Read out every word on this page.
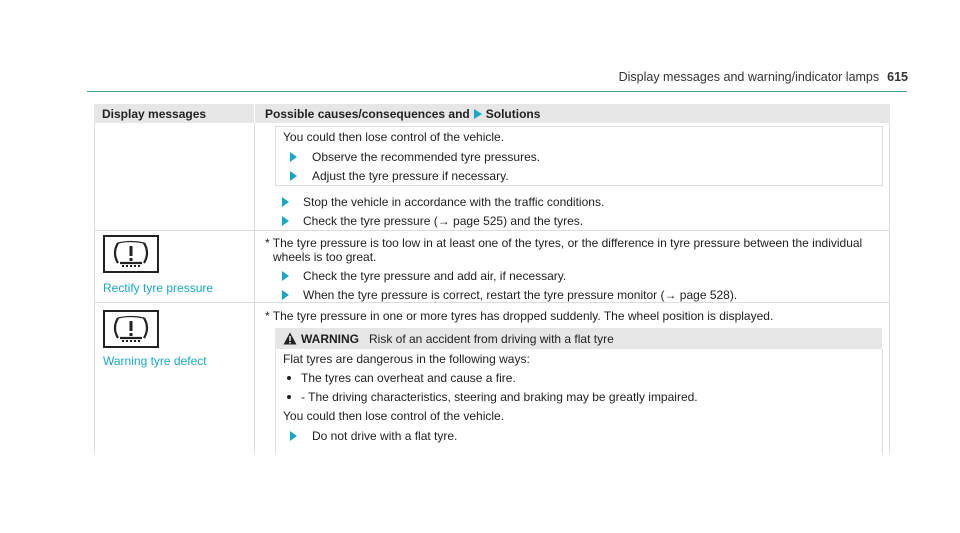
Display messages and warning/indicator lamps 615
Display messages	Possible causes/consequences and Solutions
You could then lose control of the vehicle.
Observe the recommended tyre pressures.
Adjust the tyre pressure if necessary.
Stop the vehicle in accordance with the traffic conditions.
Check the tyre pressure (→ page 525) and the tyres.
Rectify tyre pressure
* The tyre pressure is too low in at least one of the tyres, or the difference in tyre pressure between the individual
wheels is too great.
Check the tyre pressure and add air, if necessary.
When the tyre pressure is correct, restart the tyre pressure monitor (→ page 528).
Warning tyre defect
* The tyre pressure in one or more tyres has dropped suddenly. The wheel position is displayed.
WARNING Risk of an accident from driving with a flat tyre
Flat tyres are dangerous in the following ways:
The tyres can overheat and cause a fire.
- The driving characteristics, steering and braking may be greatly impaired.
You could then lose control of the vehicle.
Do not drive with a flat tyre.
